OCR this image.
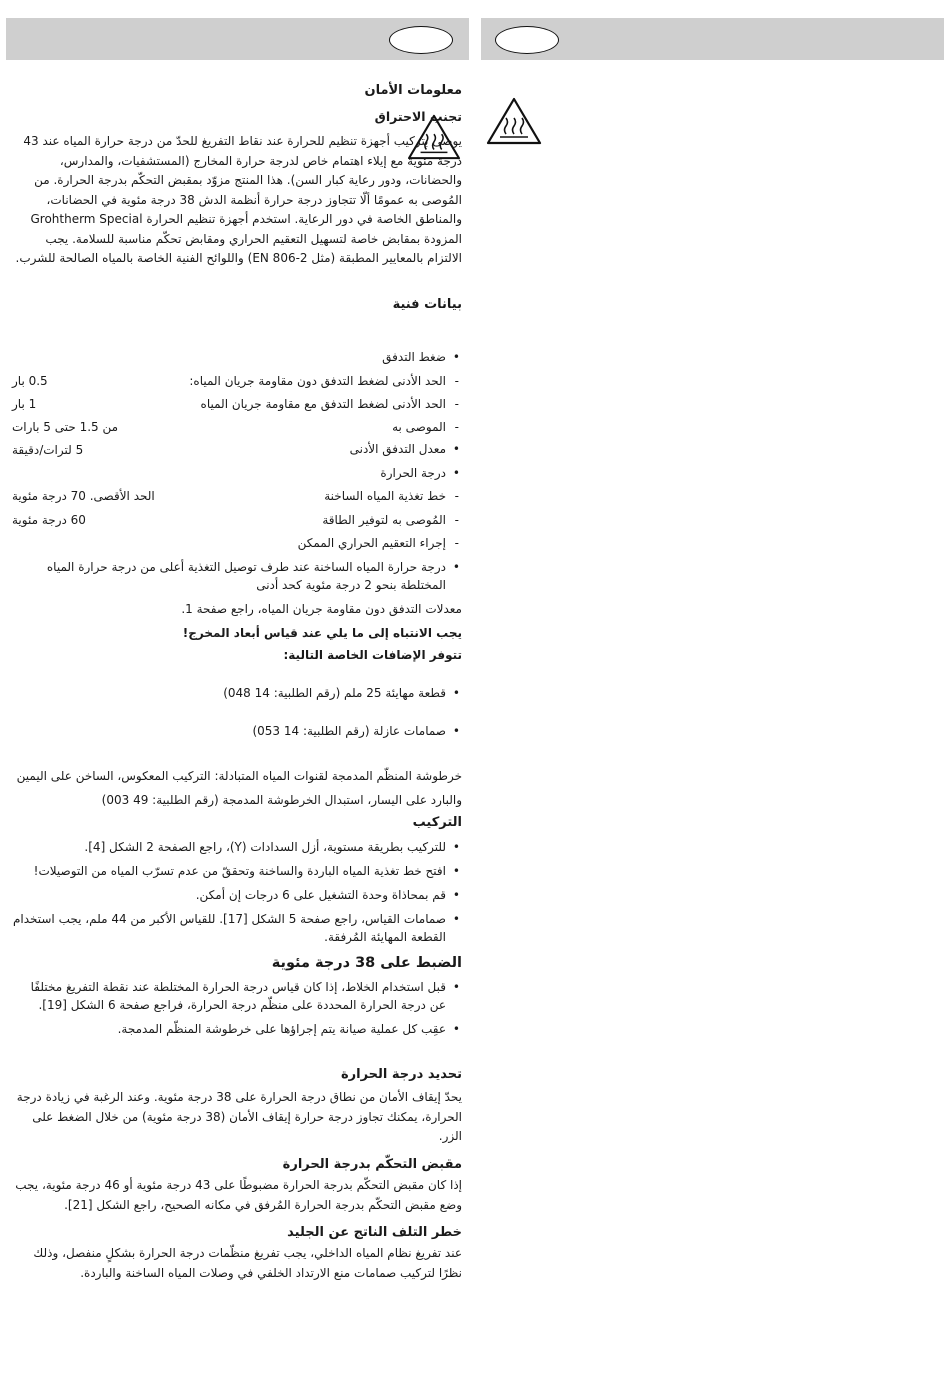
معلومات الأمان

تجنب الاحتراق

يوصى بتركيب أجهزة تنظيم للحرارة عند نقاط التفريغ للحدّ من درجة حرارة المياه عند 43 درجة مئوية مع إيلاء اهتمام خاص لدرجة حرارة المخارج (المستشفيات، والمدارس، والحضانات، ودور رعاية كبار السن). هذا المنتج مزوّد بمقبض التحكّم بدرجة الحرارة. من المُوصى به عمومًا ألّا تتجاوز درجة حرارة أنظمة الدش 38 درجة مئوية في الحضانات، والمناطق الخاصة في دور الرعاية. استخدم أجهزة تنظيم الحرارة Grohtherm Special المزودة بمقابض خاصة لتسهيل التعقيم الحراري ومقابض تحكّم مناسبة للسلامة. يجب الالتزام بالمعايير المطبقة (مثل EN 806-2) واللوائح الفنية الخاصة بالمياه الصالحة للشرب.

بيانات فنية

• ضغط التدفق
- الحد الأدنى لضغط التدفق دون مقاومة جريان المياه:
0.5 بار
- الحد الأدنى لضغط التدفق مع مقاومة جريان المياه
1 بار
- الموصى به
من 1.5 حتى 5 بارات
• معدل التدفق الأدنى
5 لترات/دقيقة
• درجة الحرارة
- خط تغذية المياه الساخنة
الحد الأقصى. 70 درجة مئوية
- المُوصى به لتوفير الطاقة
60 درجة مئوية
- إجراء التعقيم الحراري الممكن
• درجة حرارة المياه الساخنة عند طرف توصيل التغذية أعلى من درجة حرارة المياه المختلطة بنحو 2 درجة مئوية كحد أدنى

معدلات التدفق دون مقاومة جريان المياه، راجع صفحة 1.

يجب الانتباه إلى ما يلي عند قياس أبعاد المخرج!

تتوفر الإضافات الخاصة التالية:

• قطعة مهايئة 25 ملم (رقم الطلبية: 14 048)
• صمامات عازلة (رقم الطلبية: 14 053)

خرطوشة المنظّم المدمجة لقنوات المياه المتبادلة: التركيب المعكوس، الساخن على اليمين والبارد على اليسار، استبدال الخرطوشة المدمجة (رقم الطلبية: 49 003)

التركيب

• للتركيب بطريقة مستوية، أزل السدادات (Y)، راجع الصفحة 2 الشكل [4].
• افتح خط تغذية المياه الباردة والساخنة وتحققّ من عدم تسرّب المياه من التوصيلات!
• قم بمحاذاة وحدة التشغيل على 6 درجات إن أمكن.
• صمامات القياس، راجع صفحة 5 الشكل [17]. للقياس الأكبر من 44 ملم، يجب استخدام القطعة المهايئة المُرفقة.

الضبط على 38 درجة مئوية

• قبل استخدام الخلاط، إذا كان قياس درجة الحرارة المختلطة عند نقطة التفريغ مختلفًا عن درجة الحرارة المحددة على منظّم درجة الحرارة، فراجع صفحة 6 الشكل [19].
• عقِب كل عملية صيانة يتم إجراؤها على خرطوشة المنظّم المدمجة.

تحديد درجة الحرارة

يحدّ إيقاف الأمان من نطاق درجة الحرارة على 38 درجة مئوية. وعند الرغبة في زيادة درجة الحرارة، يمكنك تجاوز درجة حرارة إيقاف الأمان (38 درجة مئوية) من خلال الضغط على الزر.

مقبض التحكّم بدرجة الحرارة

إذا كان مقبض التحكّم بدرجة الحرارة مضبوطًا على 43 درجة مئوية أو 46 درجة مئوية، يجب وضع مقبض التحكّم بدرجة الحرارة المُرفق في مكانه الصحيح، راجع الشكل [21].

خطر التلف الناتج عن الجليد

عند تفريغ نظام المياه الداخلي، يجب تفريغ منظّمات درجة الحرارة بشكلٍ منفصل، وذلك نظرًا لتركيب صمامات منع الارتداد الخلفي في وصلات المياه الساخنة والباردة.
